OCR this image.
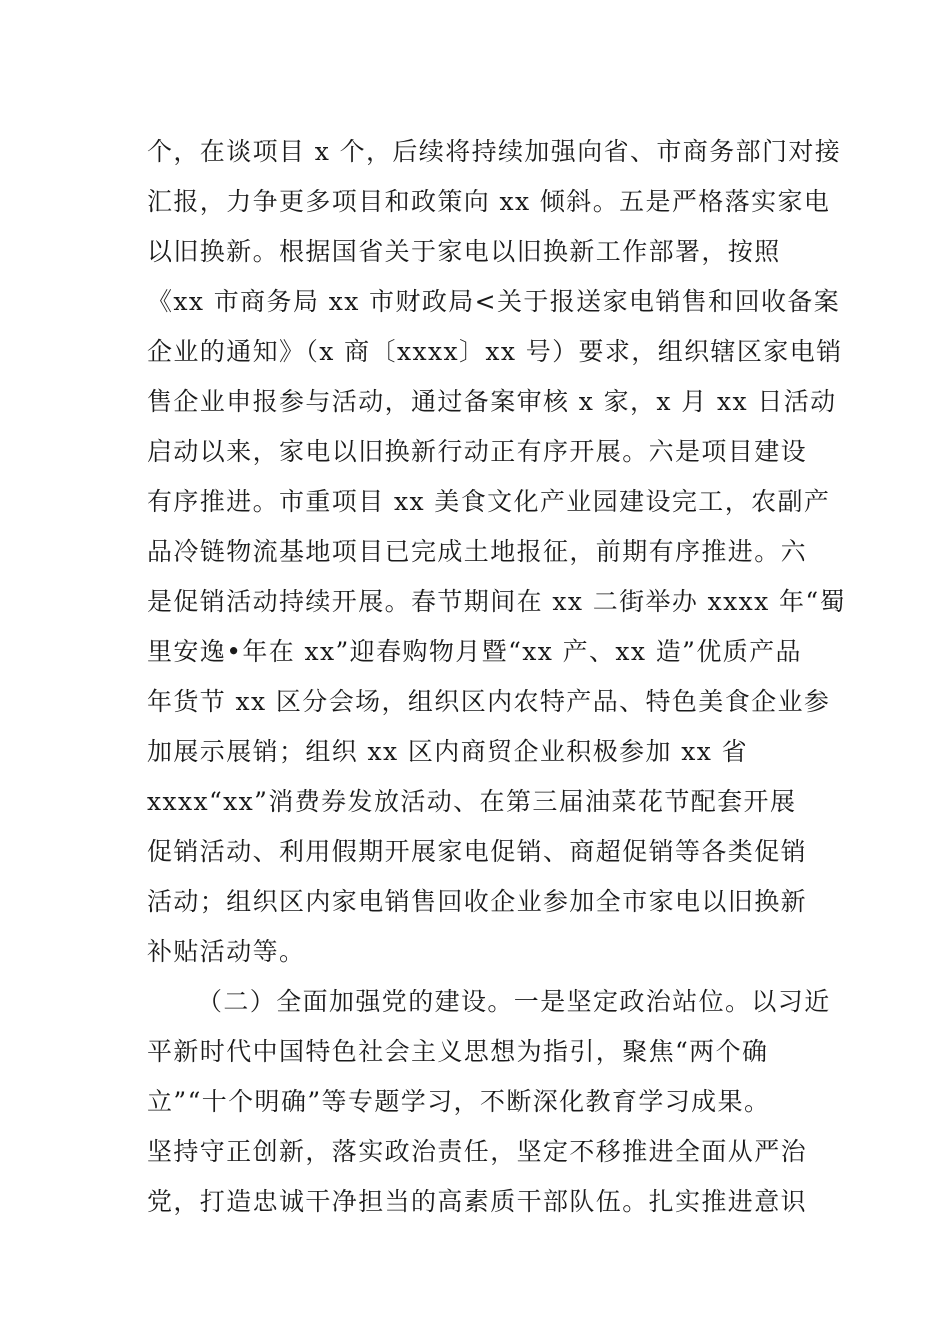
个，在谈项目 x 个，后续将持续加强向省、市商务部门对接
汇报，力争更多项目和政策向 xx 倾斜。五是严格落实家电
以旧换新。根据国省关于家电以旧换新工作部署，按照
《xx 市商务局 xx 市财政局<关于报送家电销售和回收备案
企业的通知》（x 商〔xxxx〕xx 号）要求，组织辖区家电销
售企业申报参与活动，通过备案审核 x 家，x 月 xx 日活动
启动以来，家电以旧换新行动正有序开展。六是项目建设
有序推进。市重项目 xx 美食文化产业园建设完工，农副产
品冷链物流基地项目已完成土地报征，前期有序推进。六
是促销活动持续开展。春节期间在 xx 二街举办 xxxx 年“蜀
里安逸•年在 xx”迎春购物月暨“xx 产、xx 造”优质产品
年货节 xx 区分会场，组织区内农特产品、特色美食企业参
加展示展销；组织 xx 区内商贸企业积极参加 xx 省
xxxx“xx”消费券发放活动、在第三届油菜花节配套开展
促销活动、利用假期开展家电促销、商超促销等各类促销
活动；组织区内家电销售回收企业参加全市家电以旧换新
补贴活动等。
（二）全面加强党的建设。一是坚定政治站位。以习近
平新时代中国特色社会主义思想为指引，聚焦“两个确
立”“十个明确”等专题学习，不断深化教育学习成果。
坚持守正创新，落实政治责任，坚定不移推进全面从严治
党，打造忠诚干净担当的高素质干部队伍。扎实推进意识
